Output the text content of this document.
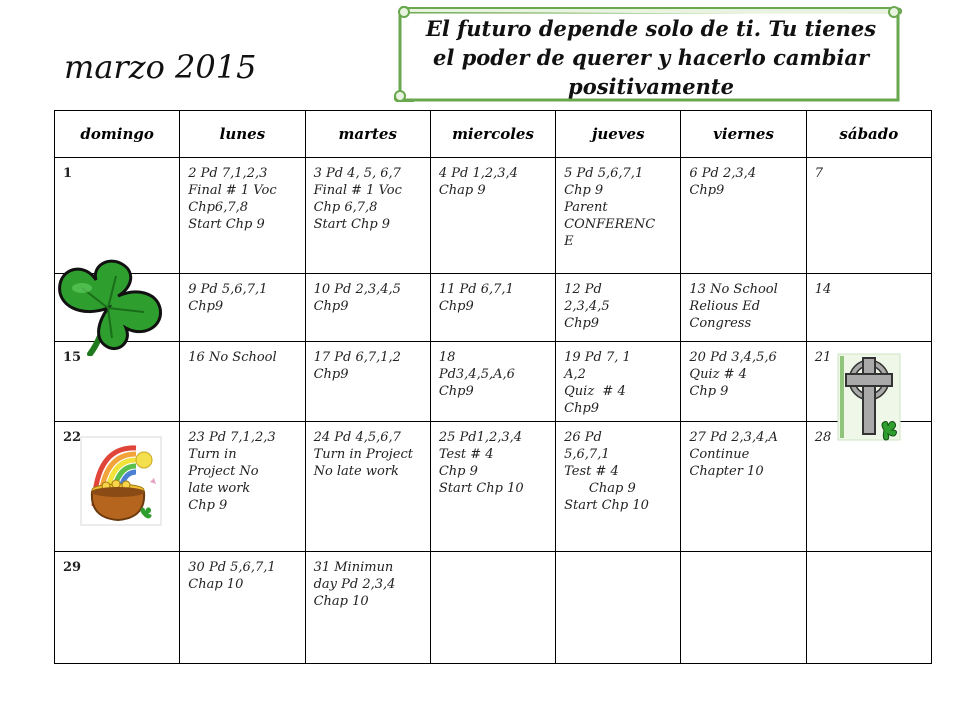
marzo 2015
El futuro depende solo de ti. Tu tienes el poder de querer y hacerlo cambiar positivamente
domingo	lunes	martes	miercoles	jueves	viernes	sábado
1	2 Pd 7,1,2,3
Final # 1 Voc
Chp6,7,8
Start Chp 9	3 Pd 4, 5, 6,7
Final # 1 Voc
Chp 6,7,8
Start Chp 9	4 Pd 1,2,3,4
Chap 9	5 Pd 5,6,7,1
Chp 9
Parent
CONFERENC
E	6 Pd 2,3,4
Chp9	7
	9 Pd 5,6,7,1
Chp9	10 Pd 2,3,4,5
Chp9	11 Pd 6,7,1
Chp9	12 Pd
2,3,4,5
Chp9	13 No School
Relious Ed
Congress	14
15	16 No School	17 Pd 6,7,1,2
Chp9	18
Pd3,4,5,A,6
Chp9	19 Pd 7, 1
A,2
Quiz  # 4
Chp9	20 Pd 3,4,5,6
Quiz # 4
Chp 9	21
22	23 Pd 7,1,2,3
Turn in
Project No
late work
Chp 9	24 Pd 4,5,6,7
Turn in Project
No late work	25 Pd1,2,3,4
Test # 4
Chp 9
Start Chp 10	26 Pd
5,6,7,1
Test # 4
Chap 9
Start Chp 10	27 Pd 2,3,4,A
Continue
Chapter 10	28
29	30 Pd 5,6,7,1
Chap 10	31 Minimun
day Pd 2,3,4
Chap 10				
